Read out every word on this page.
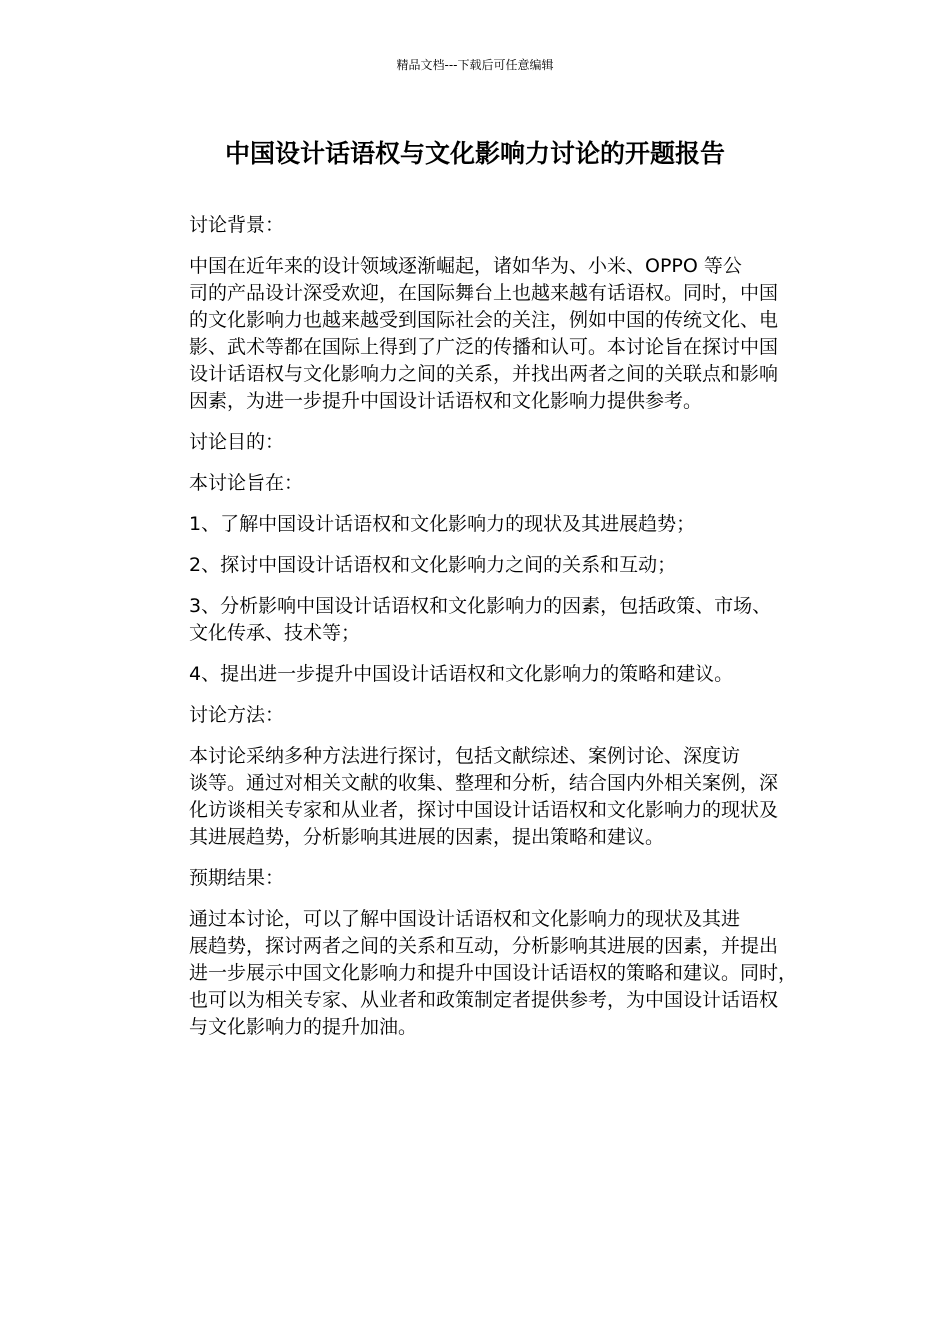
精品文档---下载后可任意编辑
中国设计话语权与文化影响力讨论的开题报告

讨论背景：

中国在近年来的设计领域逐渐崛起，诸如华为、小米、OPPO 等公
司的产品设计深受欢迎，在国际舞台上也越来越有话语权。同时，中国
的文化影响力也越来越受到国际社会的关注，例如中国的传统文化、电
影、武术等都在国际上得到了广泛的传播和认可。本讨论旨在探讨中国
设计话语权与文化影响力之间的关系，并找出两者之间的关联点和影响
因素，为进一步提升中国设计话语权和文化影响力提供参考。

讨论目的：

本讨论旨在：

1、了解中国设计话语权和文化影响力的现状及其进展趋势；

2、探讨中国设计话语权和文化影响力之间的关系和互动；

3、分析影响中国设计话语权和文化影响力的因素，包括政策、市场、
文化传承、技术等；

4、提出进一步提升中国设计话语权和文化影响力的策略和建议。

讨论方法：

本讨论采纳多种方法进行探讨，包括文献综述、案例讨论、深度访
谈等。通过对相关文献的收集、整理和分析，结合国内外相关案例，深
化访谈相关专家和从业者，探讨中国设计话语权和文化影响力的现状及
其进展趋势，分析影响其进展的因素，提出策略和建议。

预期结果：

通过本讨论，可以了解中国设计话语权和文化影响力的现状及其进
展趋势，探讨两者之间的关系和互动，分析影响其进展的因素，并提出
进一步展示中国文化影响力和提升中国设计话语权的策略和建议。同时，
也可以为相关专家、从业者和政策制定者提供参考，为中国设计话语权
与文化影响力的提升加油。
